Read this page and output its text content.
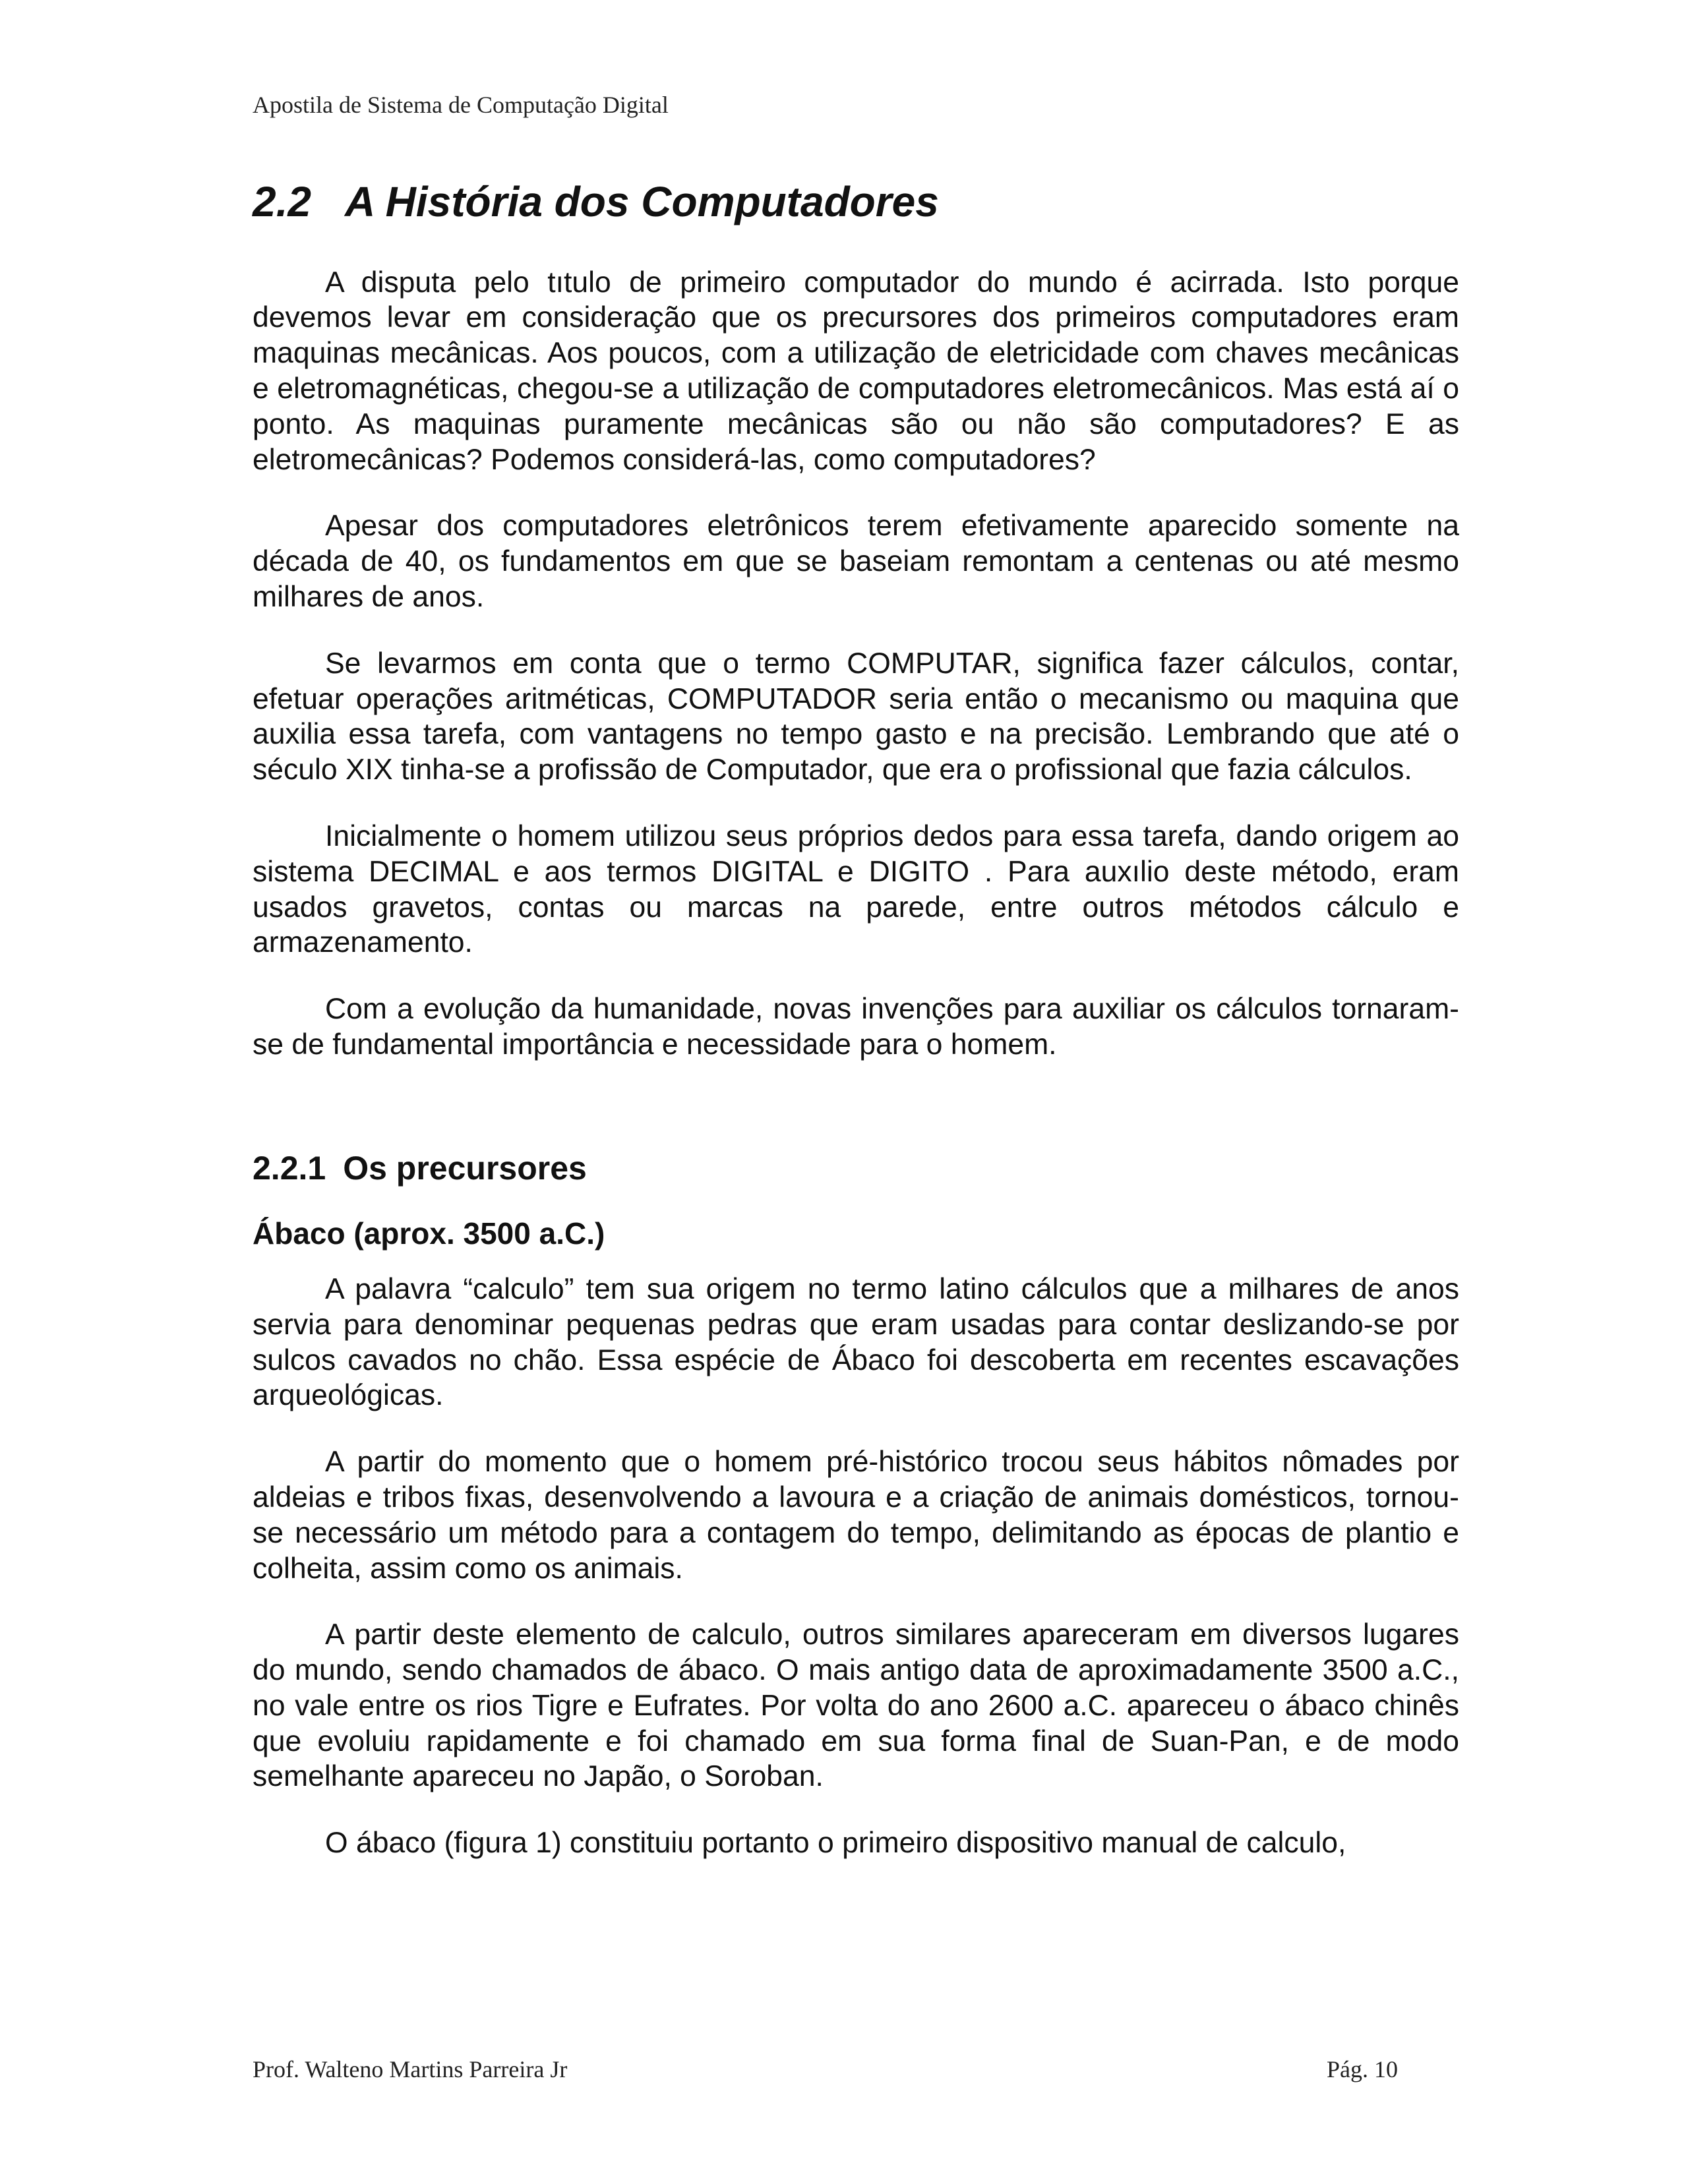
Apostila de Sistema de Computação Digital
2.2 A História dos Computadores

A disputa pelo tıtulo de primeiro computador do mundo é acirrada. Isto porque devemos levar em consideração que os precursores dos primeiros computadores eram maquinas mecânicas. Aos poucos, com a utilização de eletricidade com chaves mecânicas e eletromagnéticas, chegou-se a utilização de computadores eletromecânicos. Mas está aí o ponto. As maquinas puramente mecânicas são ou não são computadores? E as eletromecânicas? Podemos considerá-las, como computadores?

Apesar dos computadores eletrônicos terem efetivamente aparecido somente na década de 40, os fundamentos em que se baseiam remontam a centenas ou até mesmo milhares de anos.

Se levarmos em conta que o termo COMPUTAR, significa fazer cálculos, contar, efetuar operações aritméticas, COMPUTADOR seria então o mecanismo ou maquina que auxilia essa tarefa, com vantagens no tempo gasto e na precisão. Lembrando que até o século XIX tinha-se a profissão de Computador, que era o profissional que fazia cálculos.

Inicialmente o homem utilizou seus próprios dedos para essa tarefa, dando origem ao sistema DECIMAL e aos termos DIGITAL e DIGITO . Para auxılio deste método, eram usados gravetos, contas ou marcas na parede, entre outros métodos cálculo e armazenamento.

Com a evolução da humanidade, novas invenções para auxiliar os cálculos tornaram-se de fundamental importância e necessidade para o homem.

2.2.1 Os precursores
Ábaco (aprox. 3500 a.C.)

A palavra “calculo” tem sua origem no termo latino cálculos que a milhares de anos servia para denominar pequenas pedras que eram usadas para contar deslizando-se por sulcos cavados no chão. Essa espécie de Ábaco foi descoberta em recentes escavações arqueológicas.

A partir do momento que o homem pré-histórico trocou seus hábitos nômades por aldeias e tribos fixas, desenvolvendo a lavoura e a criação de animais domésticos, tornou-se necessário um método para a contagem do tempo, delimitando as épocas de plantio e colheita, assim como os animais.

A partir deste elemento de calculo, outros similares apareceram em diversos lugares do mundo, sendo chamados de ábaco. O mais antigo data de aproximadamente 3500 a.C., no vale entre os rios Tigre e Eufrates. Por volta do ano 2600 a.C. apareceu o ábaco chinês que evoluiu rapidamente e foi chamado em sua forma final de Suan-Pan, e de modo semelhante apareceu no Japão, o Soroban.

O ábaco (figura 1) constituiu portanto o primeiro dispositivo manual de calculo,

Prof. Walteno Martins Parreira Jr	Pág. 10
